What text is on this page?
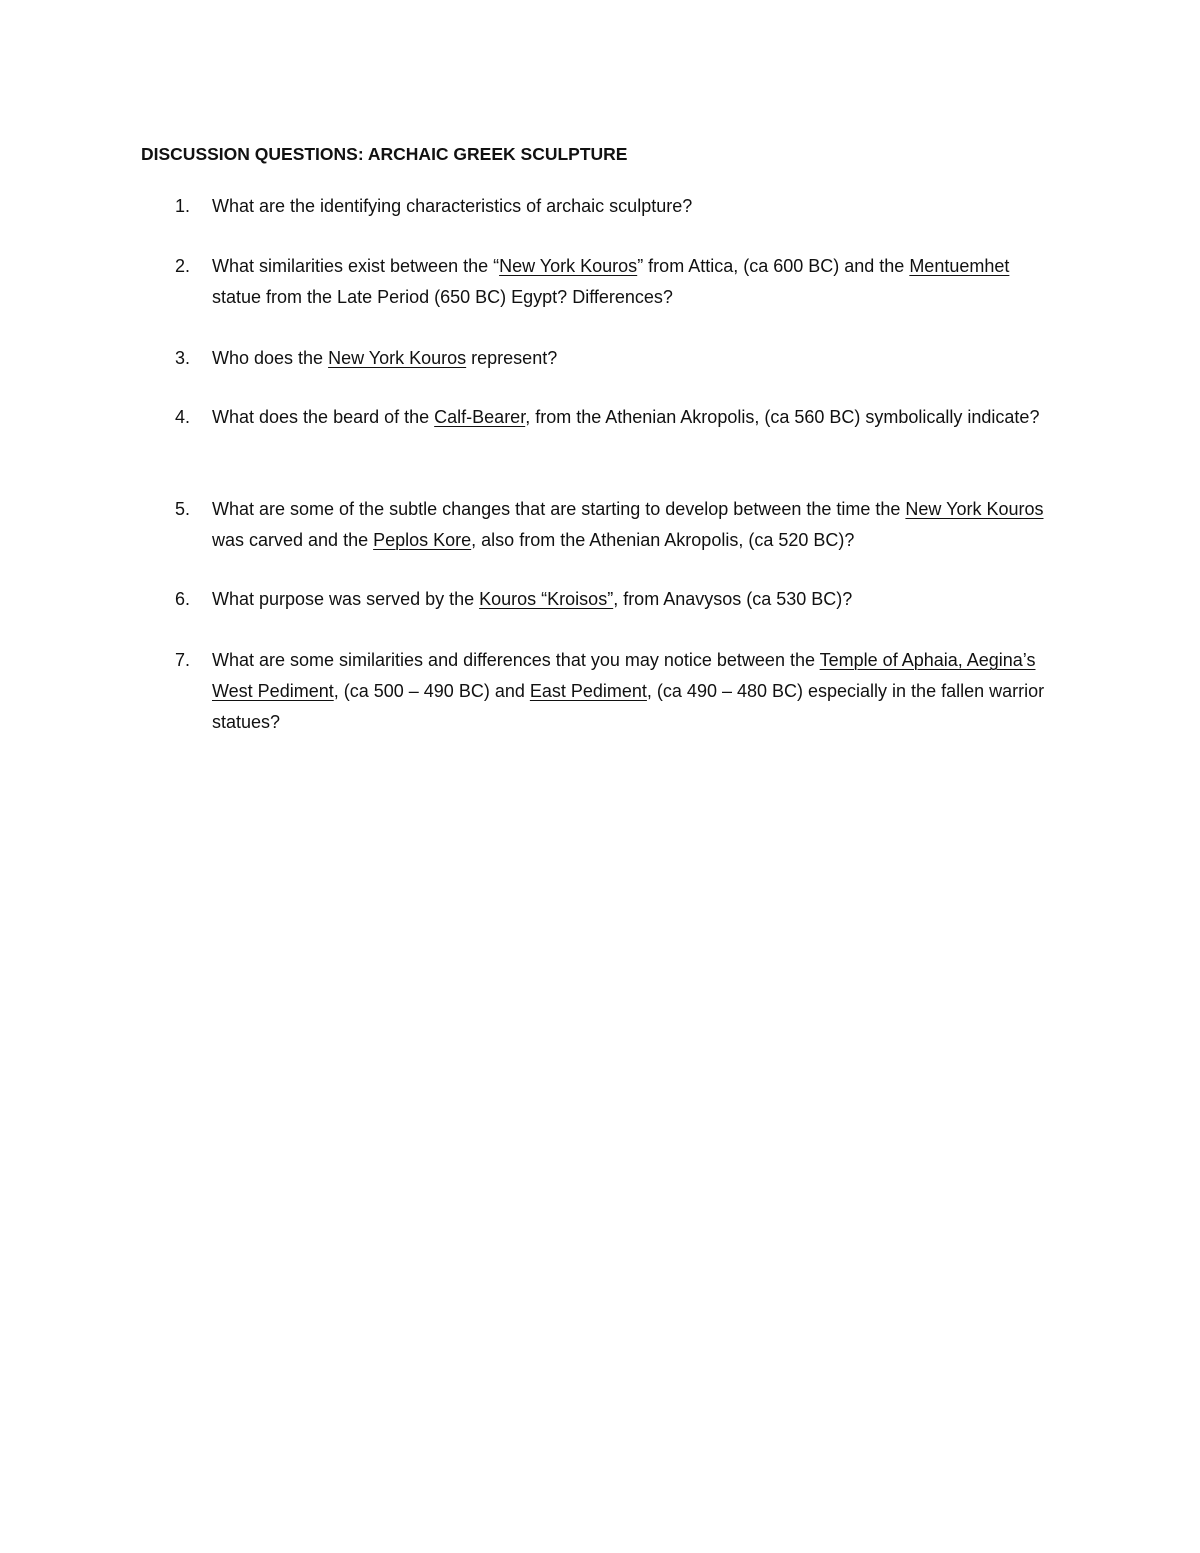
DISCUSSION QUESTIONS: ARCHAIC GREEK SCULPTURE
1. What are the identifying characteristics of archaic sculpture?
2. What similarities exist between the “New York Kouros” from Attica, (ca 600 BC) and the Mentuemhet statue from the Late Period (650 BC) Egypt? Differences?
3. Who does the New York Kouros represent?
4. What does the beard of the Calf-Bearer, from the Athenian Akropolis, (ca 560 BC) symbolically indicate?
5. What are some of the subtle changes that are starting to develop between the time the New York Kouros was carved and the Peplos Kore, also from the Athenian Akropolis, (ca 520 BC)?
6. What purpose was served by the Kouros “Kroisos”, from Anavysos (ca 530 BC)?
7. What are some similarities and differences that you may notice between the Temple of Aphaia, Aegina’s West Pediment, (ca 500 – 490 BC) and East Pediment, (ca 490 – 480 BC) especially in the fallen warrior statues?
